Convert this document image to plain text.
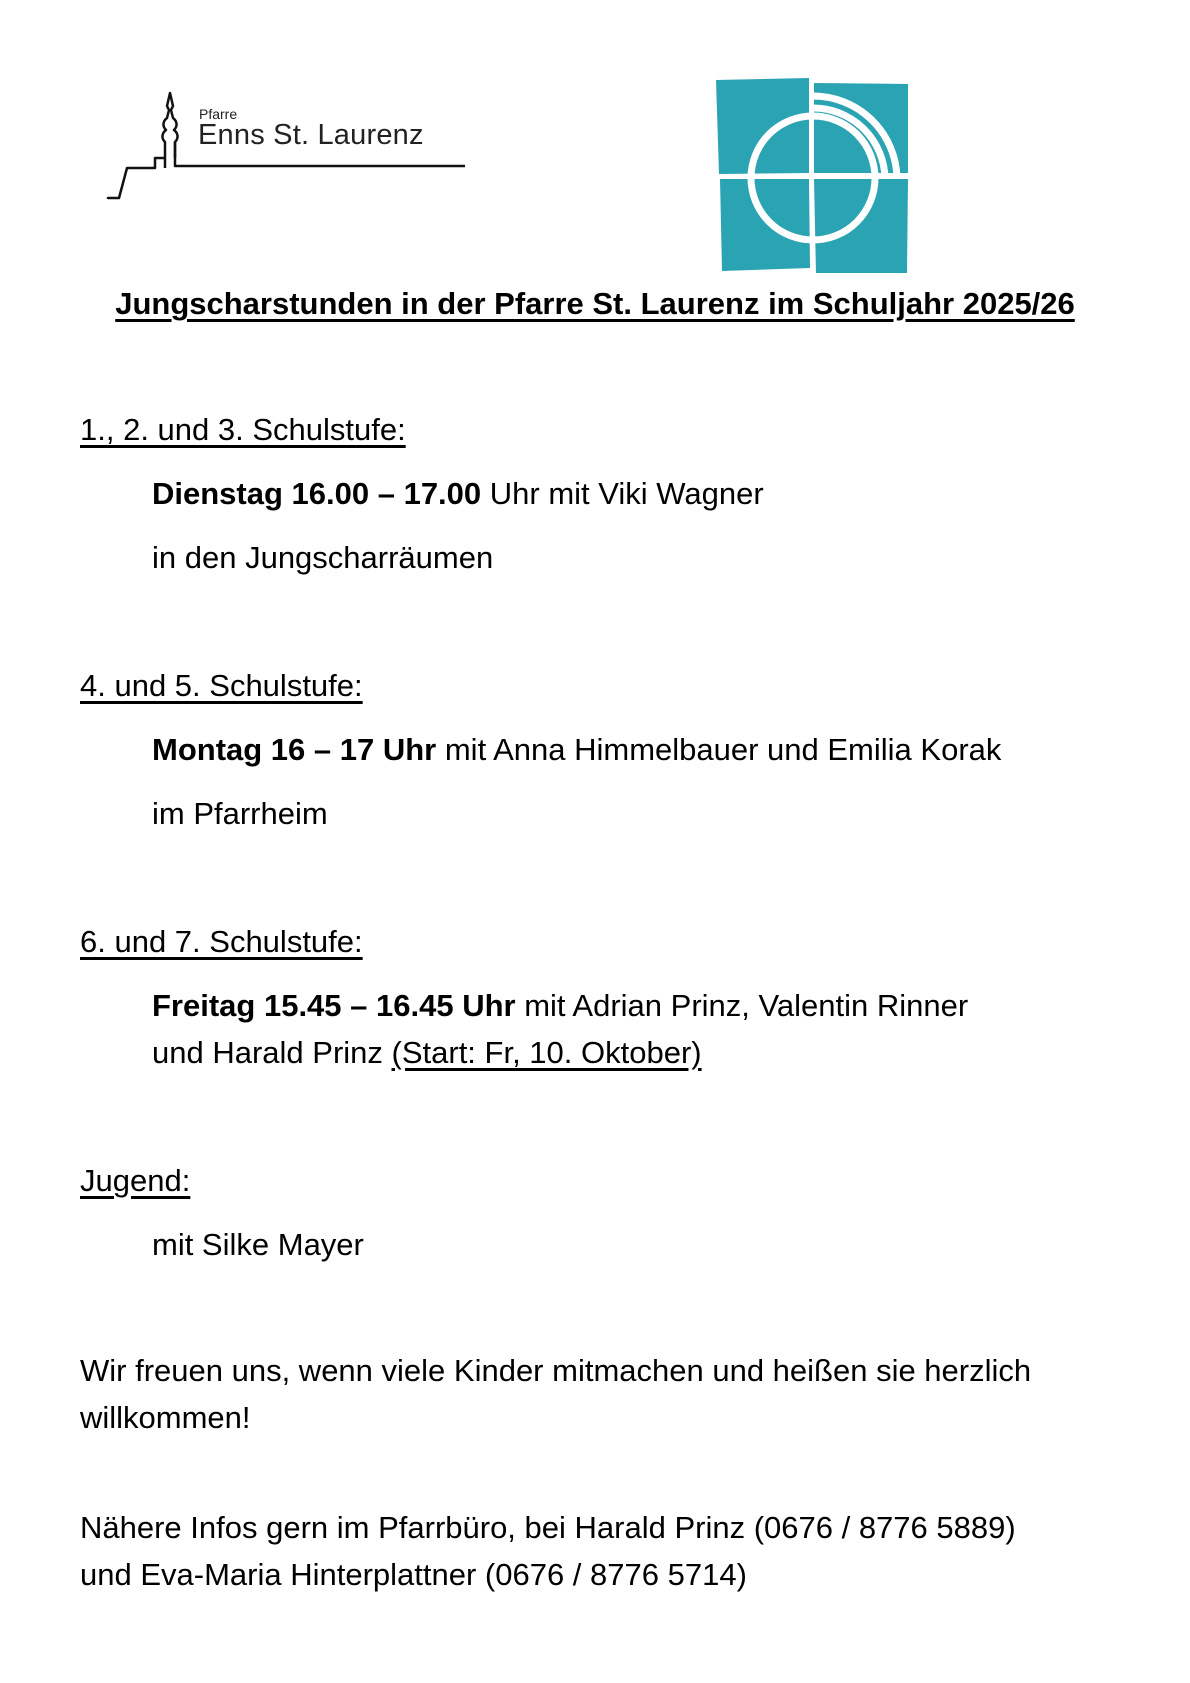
Pfarre
Enns St. Laurenz
Jungscharstunden in der Pfarre St. Laurenz im Schuljahr 2025/26
1., 2. und 3. Schulstufe:
Dienstag 16.00 – 17.00 Uhr mit Viki Wagner
in den Jungscharräumen
4. und 5. Schulstufe:
Montag 16 – 17 Uhr mit Anna Himmelbauer und Emilia Korak
im Pfarrheim
6. und 7. Schulstufe:
Freitag 15.45 – 16.45 Uhr mit Adrian Prinz, Valentin Rinner
und Harald Prinz (Start: Fr, 10. Oktober)
Jugend:
mit Silke Mayer
Wir freuen uns, wenn viele Kinder mitmachen und heißen sie herzlich willkommen!
Nähere Infos gern im Pfarrbüro, bei Harald Prinz (0676 / 8776 5889)
und Eva-Maria Hinterplattner (0676 / 8776 5714)
